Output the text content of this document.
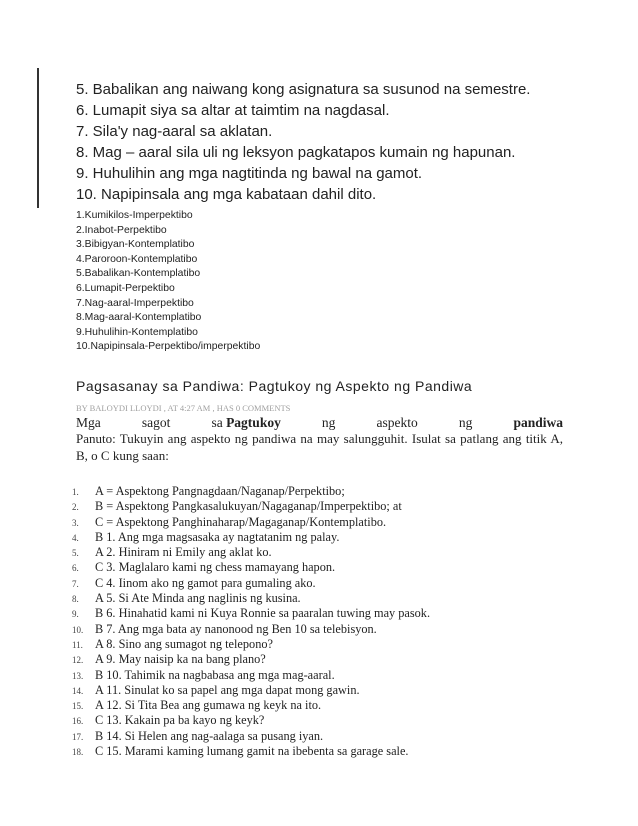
5. Babalikan ang naiwang kong asignatura sa susunod na semestre.
6. Lumapit siya sa altar at taimtim na nagdasal.
7. Sila'y nag-aaral sa aklatan.
8. Mag – aaral sila uli ng leksyon pagkatapos kumain ng hapunan.
9. Huhulihin ang mga nagtitinda ng bawal na gamot.
10. Napipinsala ang mga kabataan dahil dito.
1.Kumikilos-Imperpektibo
2.Inabot-Perpektibo
3.Bibigyan-Kontemplatibo
4.Paroroon-Kontemplatibo
5.Babalikan-Kontemplatibo
6.Lumapit-Perpektibo
7.Nag-aaral-Imperpektibo
8.Mag-aaral-Kontemplatibo
9.Huhulihin-Kontemplatibo
10.Napipinsala-Perpektibo/imperpektibo
Pagsasanay sa Pandiwa: Pagtukoy ng Aspekto ng Pandiwa
BY BALOYDI LLOYDI , AT 4:27 AM , HAS 0 COMMENTS
Mga	sagot	sa Pagtukoy	ng	aspekto	ng	pandiwa
Panuto: Tukuyin ang aspekto ng pandiwa na may salungguhit. Isulat sa patlang ang titik A, B, o C kung saan:
1.	A = Aspektong Pangnagdaan/Naganap/Perpektibo;
2.	B = Aspektong Pangkasalukuyan/Nagaganap/Imperpektibo; at
3.	C = Aspektong Panghinaharap/Magaganap/Kontemplatibo.
4.	B 1. Ang mga magsasaka ay nagtatanim ng palay.
5.	A 2. Hiniram ni Emily ang aklat ko.
6.	C 3. Maglalaro kami ng chess mamayang hapon.
7.	C 4. Iinom ako ng gamot para gumaling ako.
8.	A 5. Si Ate Minda ang naglinis ng kusina.
9.	B 6. Hinahatid kami ni Kuya Ronnie sa paaralan tuwing may pasok.
10. B 7. Ang mga bata ay nanonood ng Ben 10 sa telebisyon.
11. A 8. Sino ang sumagot ng telepono?
12. A 9. May naisip ka na bang plano?
13. B 10. Tahimik na nagbabasa ang mga mag-aaral.
14. A 11. Sinulat ko sa papel ang mga dapat mong gawin.
15. A 12. Si Tita Bea ang gumawa ng keyk na ito.
16. C 13. Kakain pa ba kayo ng keyk?
17. B 14. Si Helen ang nag-aalaga sa pusang iyan.
18. C 15. Marami kaming lumang gamit na ibebenta sa garage sale.
